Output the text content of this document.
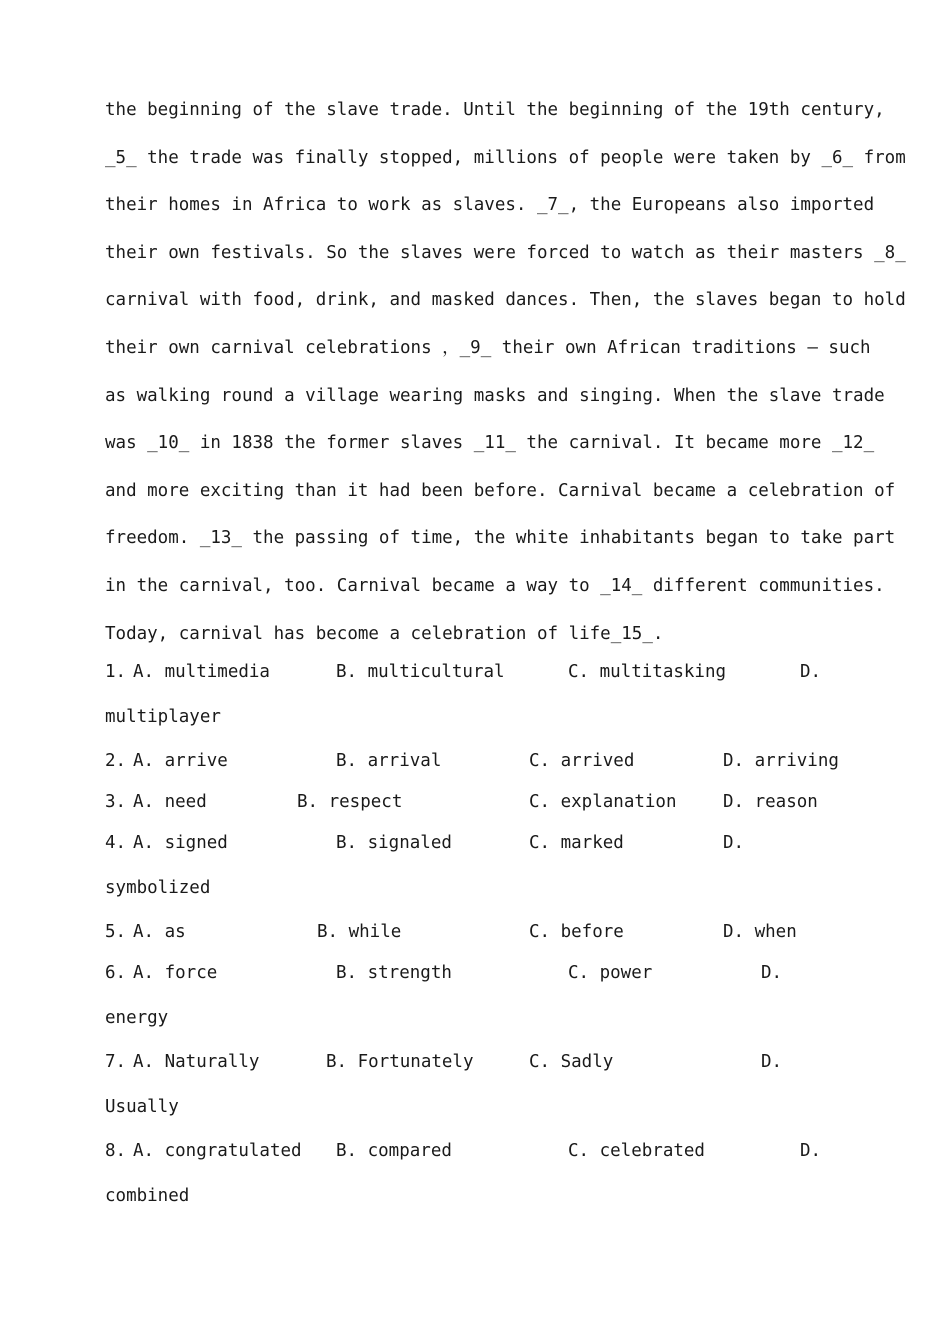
the beginning of the slave trade. Until the beginning of the 19th century,
_5_ the trade was finally stopped, millions of people were taken by _6_ from
their homes in Africa to work as slaves. _7_, the Europeans also imported
their own festivals. So the slaves were forced to watch as their masters _8_
carnival with food, drink, and masked dances. Then, the slaves began to hold
their own carnival celebrations ，_9_ their own African traditions — such
as walking round a village wearing masks and singing. When the slave trade
was _10_ in 1838 the former slaves _11_ the carnival. It became more _12_
and more exciting than it had been before. Carnival became a celebration of
freedom. _13_ the passing of time, the white inhabitants began to take part
in the carnival, too. Carnival became a way to _14_ different communities.
Today, carnival has become a celebration of life_15_.
1. A. multimedia	B. multicultural	C. multitasking	D.
multiplayer
2. A. arrive	B. arrival	C. arrived	D. arriving
3. A. need	B. respect	C. explanation	D. reason
4. A. signed	B. signaled	C. marked	D.
symbolized
5. A. as	B. while	C. before	D. when
6. A. force	B. strength	C. power	D.
energy
7. A. Naturally	B. Fortunately	C. Sadly	D.
Usually
8. A. congratulated B. compared	C. celebrated	D.
combined
